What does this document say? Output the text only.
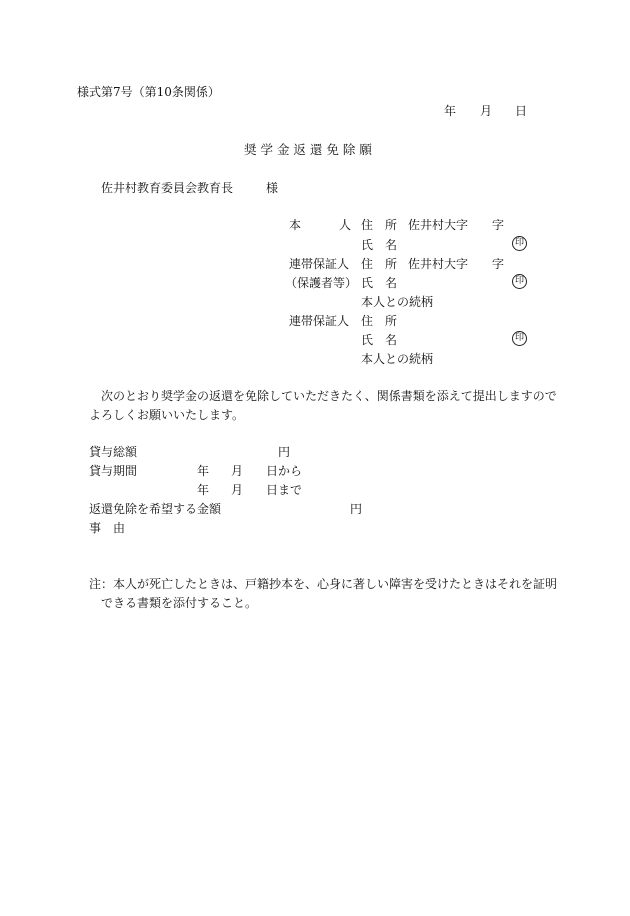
様式第7号（第10条関係）
年 月 日
奨 学 金 返 還 免 除 願
佐井村教育委員会教育長	様
本	人 住　所 佐井村大字 字
氏　名	印
連帯保証人 住　所 佐井村大字 字
（保護者等） 氏　名	印
本人との続柄
連帯保証人 住　所
氏　名	印
本人との続柄
次のとおり奨学金の返還を免除していただきたく、関係書類を添えて提出しますので
よろしくお願いいたします。
貸与総額	円
貸与期間	年 月 日から
年 月 日まで
返還免除を希望する金額	円
事　由
注：本人が死亡したときは、戸籍抄本を、心身に著しい障害を受けたときはそれを証明
できる書類を添付すること。
